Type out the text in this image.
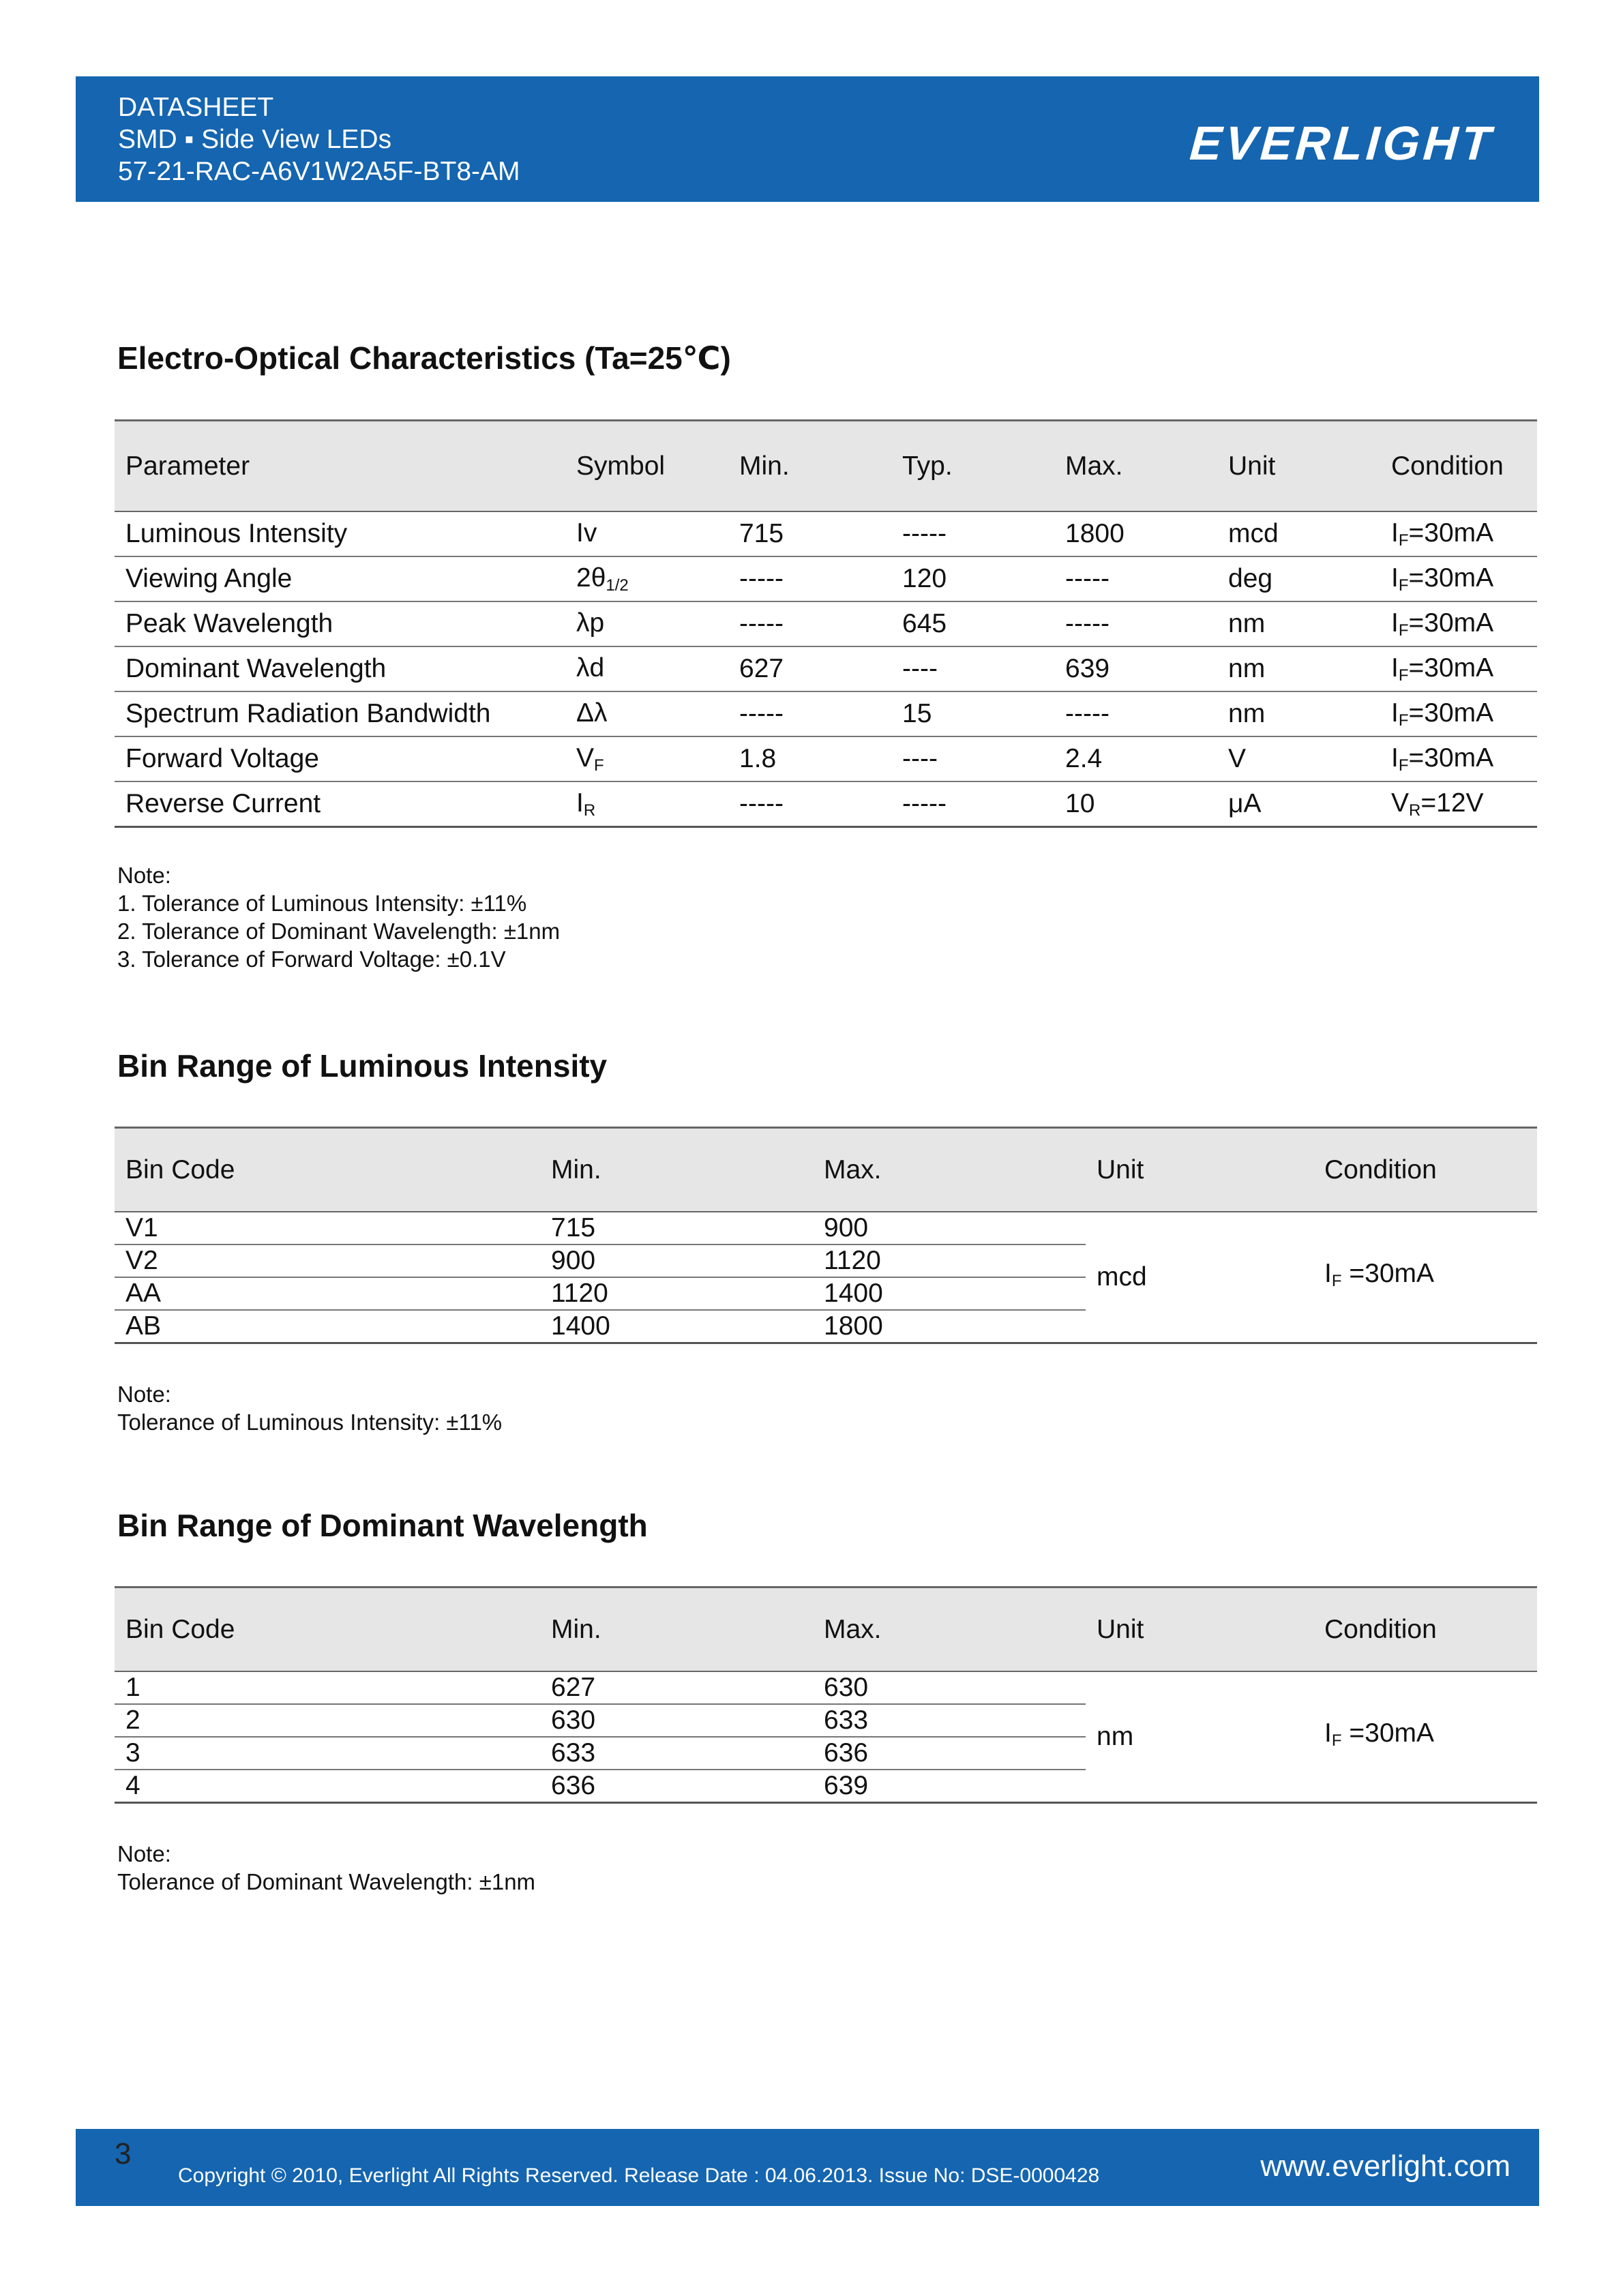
DATASHEET
SMD ▪ Side View LEDs
57-21-RAC-A6V1W2A5F-BT8-AM
EVERLIGHT
Electro-Optical Characteristics (Ta=25℃)
Parameter	Symbol	Min.	Typ.	Max.	Unit	Condition
Luminous Intensity	Iv	715	-----	1800	mcd	$I_F=30mA$
Viewing Angle	$2\theta_{1/2}$	-----	120	-----	deg	$I_F=30mA$
Peak Wavelength	λp	-----	645	-----	nm	$I_F=30mA$
Dominant Wavelength	λd	627	----	639	nm	$I_F=30mA$
Spectrum Radiation Bandwidth	Δλ	-----	15	-----	nm	$I_F=30mA$
Forward Voltage	$V_F$	1.8	----	2.4	V	$I_F=30mA$
Reverse Current	$I_R$	-----	-----	10	μA	$V_R=12V$
Note:
1. Tolerance of Luminous Intensity: ±11%
2. Tolerance of Dominant Wavelength: ±1nm
3. Tolerance of Forward Voltage: ±0.1V
Bin Range of Luminous Intensity
Bin Code	Min.	Max.	Unit	Condition
V1	715	900	mcd	$I_F =30mA$
V2	900	1120		
AA	1120	1400		
AB	1400	1800		
Note:
Tolerance of Luminous Intensity: ±11%
Bin Range of Dominant Wavelength
Bin Code	Min.	Max.	Unit	Condition
1	627	630	nm	$I_F =30mA$
2	630	633		
3	633	636		
4	636	639		
Note:
Tolerance of Dominant Wavelength: ±1nm
3
Copyright © 2010, Everlight All Rights Reserved. Release Date : 04.06.2013. Issue No: DSE-0000428	www.everlight.com
